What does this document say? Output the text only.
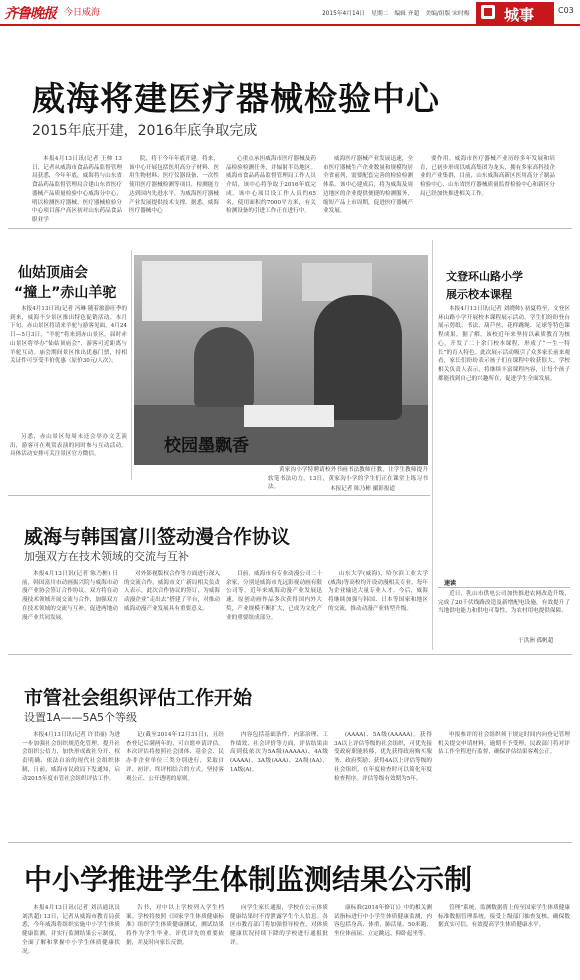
齐鲁晚报 今日威海	2015年4月14日 星期二 编辑 齐超 美编/组版 宋时梅 城事	C03
威海将建医疗器械检验中心
2015年底开建，2016年底争取完成

本报4月13日讯(记者 王帅 13日，记者从威海市食品药品监督管理局获悉，今年年底，威海将与山东省食品药品监督管理局合建山东省医疗器械产品质量检验中心威海分中心，明以检测医疗器械。医疗器械检验分中心项目落户高区初对山东药品食品职业学

院，将于今年年底开建。将来，该中心开展包括医用高分子材料、医用生物材料、医疗仪器设备、一次性使用医疗器械检测等项目，检测能力达到国内先进水平，为威海医疗器械产业发展提供技术支撑。据悉，威海医疗器械中心

心重点承担威海市医疗器械及药品检验检测任务，并辐射半岛地区。威海市食品药品监督管理局工作人员介绍，该中心将争取于2016年底完成。该中心项目设工作人员约65名，使用面积约7000平方米，有关检测设备的引进工作正在进行中。

威海医疗器械产业发展迅速，全市医疗器械生产企业数量和规模均居全省前列，需要配套完善的检验检测体系。该中心建成后，将为威海及周边地区的企业提供便捷的检测服务，缩短产品上市周期，促进医疗器械产业发展。

要作用。威海市医疗器械产业历经多年发展和培育，已初步形成以威高集团为龙头，拥有多家高科技企业的产业集群，目前，山东威海高新区医用高分子制品检验中心、山东省医疗器械质量监督检验中心和新区分局已经加快推进相关工作。

仙姑顶庙会
“撞上”赤山羊驼

本报4月13日讯(记者 冯琳 随着旅游旺季的到来，威海不少景区推出特色促销活动。本月下旬，赤山景区将请来羊驼与游客见面。4月24日—5月3日，“羊驼”将来到赤山景区，届时赤山景区将举办“仙姑顶庙会”，游客可近距离与羊驼互动。庙会期间景区推出优惠门票，持相关证件可享受半价优惠（原价30元/人次）。

另悉，赤山景区每周末还会举办文艺演出，游客可在观赏表演的同时参与互动活动。具体活动安排可关注景区官方微信。	校园墨飘香

黄家沟小学特聘请校外书画书法教师任教，让学生教师提升软笔书法功力。13日，黄家沟小学的学生们正在课堂上练习书法。	本报记者 陈乃彬 摄影报道
文登环山路小学
展示校本课程

本报4月13日讯(记者 刘晓帅) 初夏将至，文登区环山路小学开展校本课程展示活动，学生们纷纷登台展示剪纸、书法、葫芦丝、花样跳绳、足球等特色课程成果。据了解，该校近年来坚持以素质教育为核心，开发了二十余门校本课程，形成了“一生一特长”的育人特色。此次展示活动吸引了众多家长前来观看，家长们纷纷表示孩子们在课程中收获很大。学校相关负责人表示，将继续丰富课程内容，让每个孩子都能找到自己的兴趣所在，促进学生全面发展。

速读

近日，乳山市供电公司加快推进农网改造升级，完成了20千伏线路改造及新增配电设施，有效提升了当地供电能力和供电可靠性，为农村用电提供保障。

于洪洲 孤帆超
威海与韩国富川签动漫合作协议
加强双方在技术领域的交流与互补

本报4月13日讯(记者 陈乃彬) 日前，韩国富川市动画振兴院与威海市动漫产业协会签订合作协议，双方将在动漫技术领域开展交流与合作，加强双方在技术领域的交流与互补，促进两地动漫产业共同发展。

对外影视版权合作等方面进行深入的交流合作。威海市文广新局相关负责人表示，此次合作协议的签订，为威海动漫企业“走出去”搭建了平台，对推动威海动漫产业发展具有重要意义。

目前，威海市有专业动漫公司二十余家，分别是威海市光远影视动画有限公司等，近年来威海动漫产业发展迅速，原创动画作品多次获得国内外大奖，产业规模不断扩大，已成为文化产业的重要组成部分。

山东大学(威海)、哈尔滨工业大学(威海)等高校均开设动漫相关专业，每年为企业输送大量专业人才。今后，威海将继续加强与韩国、日本等国家和地区的交流，推动动漫产业转型升级。

市管社会组织评估工作开始
设置1A——5A5个等级

本报4月13日讯(记者 许君丽) 为进一步加强社会组织规范化管理，提升社会组织公信力，加快形成政社分开、权责明确、依法自治的现代社会组织体制，日前，威海市民政局下发通知，启动2015年度市管社会组织评估工作。

记(截至2014年12月31日)，且经查登记后满两年的，可自愿申请评估。本次评估将按照社会团体、基金会、民办非企业单位三类分别进行，采取自评、初评、终评相结合的方式，坚持客观公正、公开透明的原则。

内容包括基础条件、内部治理、工作绩效、社会评价等方面，评估结果由高到低依次为5A级(AAAAA)、4A级(AAAA)、3A级(AAA)、2A级(AA)、1A级(A)。

(AAAA)、5A级(AAAAA)。获得3A以上评估等级的社会组织，可优先接受政府职能转移，优先获得政府购买服务、政府奖励；获得4A以上评估等级的社会组织，在年度检查时可以简化年度检查程序。评估等级有效期为5年。

申报参评的社会组织须于规定时间内向登记管理机关提交申请材料，逾期不予受理。民政部门将对评估工作全程进行监督，确保评估结果客观公正。

中小学推进学生体制监测结果公示制

本报4月13日讯(记者 刘洁通讯员 刘洪超) 13日，记者从威海市教育局获悉，今年威海将组织实施中小学生体质健康监测，并实行监测结果公示制度，全面了解和掌握中小学生体质健康状况。

告书，对中以上学校列入学生档案。学校将按照《国家学生体质健康标准》组织学生体质健康测试，测试结果将作为学生毕业、评优评先的重要依据，并及时向家长反馈。

向学生家长通报，学校在公示体质健康结果时不得泄露学生个人信息。各区市教育部门将加强督导检查，对体质健康状况持续下降的学校进行通报批评。

康标准(2014年修订)》中的相关测试指标进行中小学生体质健康监测，内容包括身高、体重、肺活量、50米跑、坐位体前屈、立定跳远、仰卧起坐等。

管理”系统，监测数据将上传至国家学生体质健康标准数据管理系统，接受上级部门抽查复核，确保数据真实可信，有效提高学生体质健康水平。
